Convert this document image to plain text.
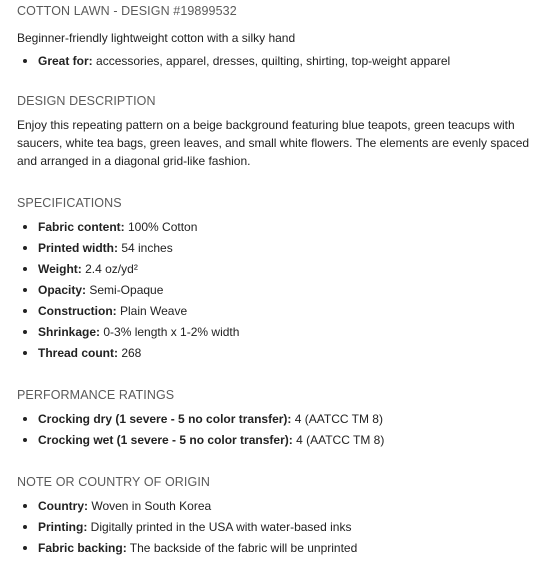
COTTON LAWN - DESIGN #19899532
Beginner-friendly lightweight cotton with a silky hand
Great for: accessories, apparel, dresses, quilting, shirting, top-weight apparel
DESIGN DESCRIPTION
Enjoy this repeating pattern on a beige background featuring blue teapots, green teacups with saucers, white tea bags, green leaves, and small white flowers. The elements are evenly spaced and arranged in a diagonal grid-like fashion.
SPECIFICATIONS
Fabric content: 100% Cotton
Printed width: 54 inches
Weight: 2.4 oz/yd²
Opacity: Semi-Opaque
Construction: Plain Weave
Shrinkage: 0-3% length x 1-2% width
Thread count: 268
PERFORMANCE RATINGS
Crocking dry (1 severe - 5 no color transfer): 4 (AATCC TM 8)
Crocking wet (1 severe - 5 no color transfer): 4 (AATCC TM 8)
NOTE OR COUNTRY OF ORIGIN
Country: Woven in South Korea
Printing: Digitally printed in the USA with water-based inks
Fabric backing: The backside of the fabric will be unprinted
